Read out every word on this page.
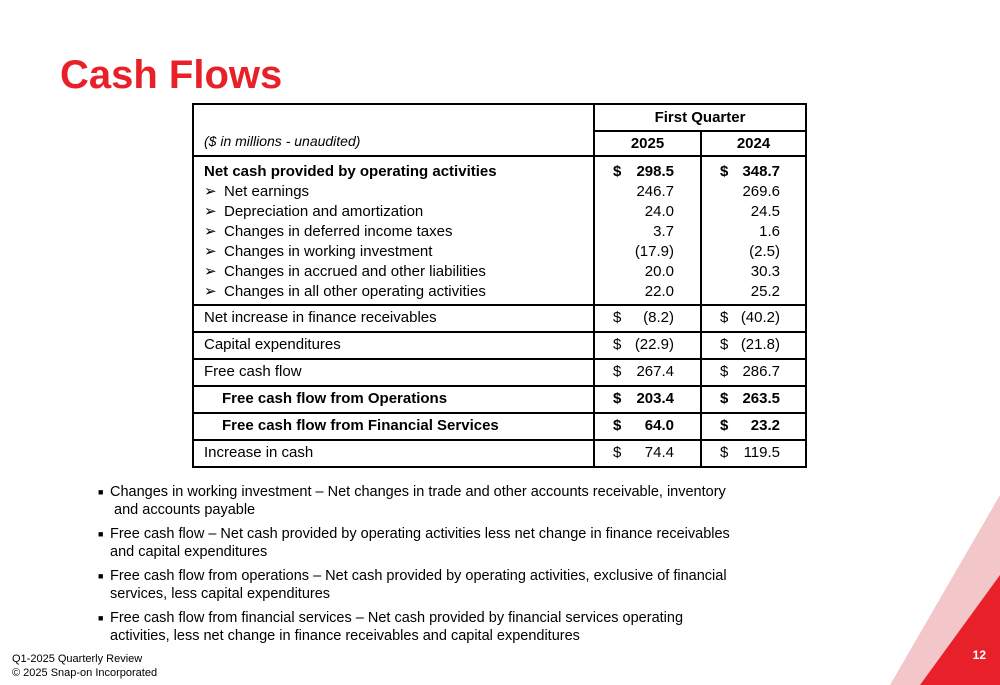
Cash Flows
First Quarter
($ in millions - unaudited)	2025	2024
Net cash provided by operating activities	$	298.5	$ 348.7
➢ Net earnings	246.7	269.6
➢ Depreciation and amortization	24.0	24.5
➢ Changes in deferred income taxes	3.7	1.6
➢ Changes in working investment	(17.9)	(2.5)
➢ Changes in accrued and other liabilities	20.0	30.3
➢ Changes in all other operating activities	22.0	25.2
Net increase in finance receivables	$	(8.2)	$ (40.2)
Capital expenditures	$ (22.9)	$ (21.8)
Free cash flow	$	267.4	$ 286.7
Free cash flow from Operations	$	203.4	$ 263.5
Free cash flow from Financial Services	$	64.0	$	23.2
Increase in cash	$	74.4	$	119.5
■ Changes in working investment – Net changes in trade and other accounts receivable, inventory
and accounts payable
■ Free cash flow – Net cash provided by operating activities less net change in finance receivables
and capital expenditures
■ Free cash flow from operations – Net cash provided by operating activities, exclusive of financial
services, less capital expenditures
■ Free cash flow from financial services – Net cash provided by financial services operating
activities, less net change in finance receivables and capital expenditures
Q1-2025 Quarterly Review
© 2025 Snap-on Incorporated
12
